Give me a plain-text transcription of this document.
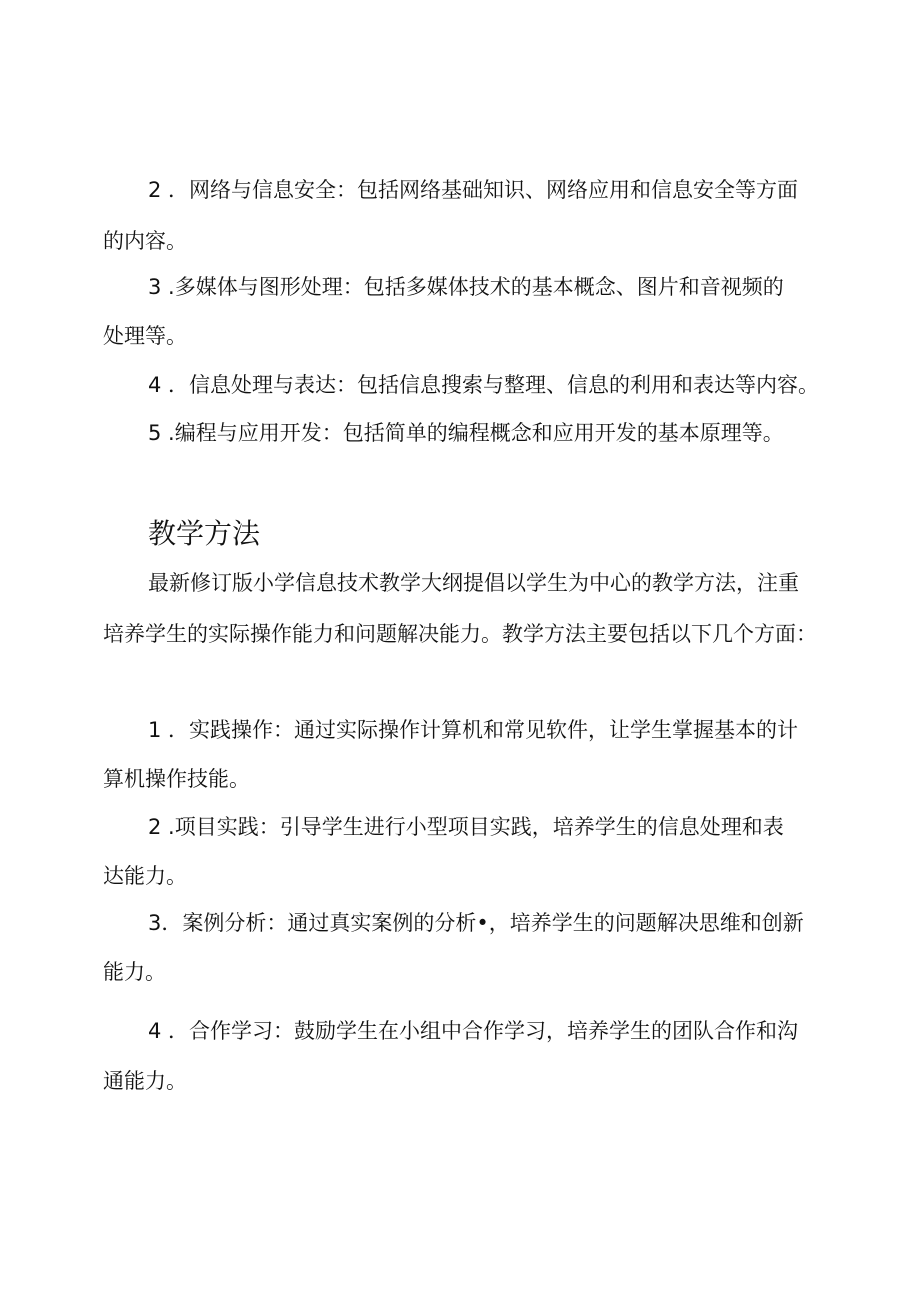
2 ．网络与信息安全：包括网络基础知识、网络应用和信息安全等方面
的内容。
3 .多媒体与图形处理：包括多媒体技术的基本概念、图片和音视频的
处理等。
4 ．信息处理与表达：包括信息搜索与整理、信息的利用和表达等内容。
5 .编程与应用开发：包括简单的编程概念和应用开发的基本原理等。
教学方法
最新修订版小学信息技术教学大纲提倡以学生为中心的教学方法，注重
培养学生的实际操作能力和问题解决能力。教学方法主要包括以下几个方面：
1 ．实践操作：通过实际操作计算机和常见软件，让学生掌握基本的计
算机操作技能。
2 .项目实践：引导学生进行小型项目实践，培养学生的信息处理和表
达能力。
3．案例分析：通过真实案例的分析•，培养学生的问题解决思维和创新
能力。
4 ．合作学习：鼓励学生在小组中合作学习，培养学生的团队合作和沟
通能力。
